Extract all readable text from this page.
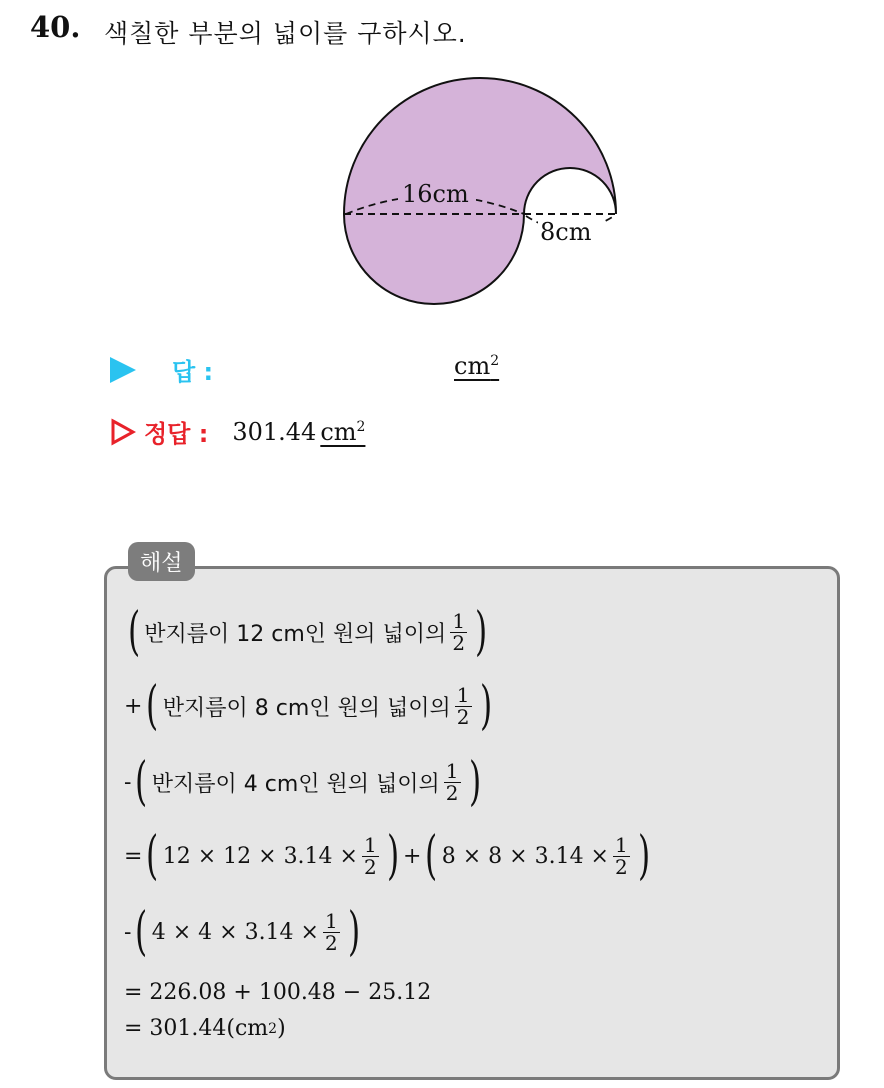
40. 색칠한 부분의 넓이를 구하시오.
16cm
8cm
답 :	$cm^2$
정답 : 301.44 $cm^2$
해설
( 반지름이 12 cm인 원의 넓이의 $\frac{1}{2}$ )
+ ( 반지름이 8 cm인 원의 넓이의 $\frac{1}{2}$ )
- ( 반지름이 4 cm인 원의 넓이의 $\frac{1}{2}$ )
= ( $12 \times 12 \times 3.14 \times \frac{1}{2}$ ) + ( $8 \times 8 \times 3.14 \times \frac{1}{2}$ )
- ( $4 \times 4 \times 3.14 \times \frac{1}{2}$ )
= 226.08 + 100.48 − 25.12
= 301.44(cm 2 )
